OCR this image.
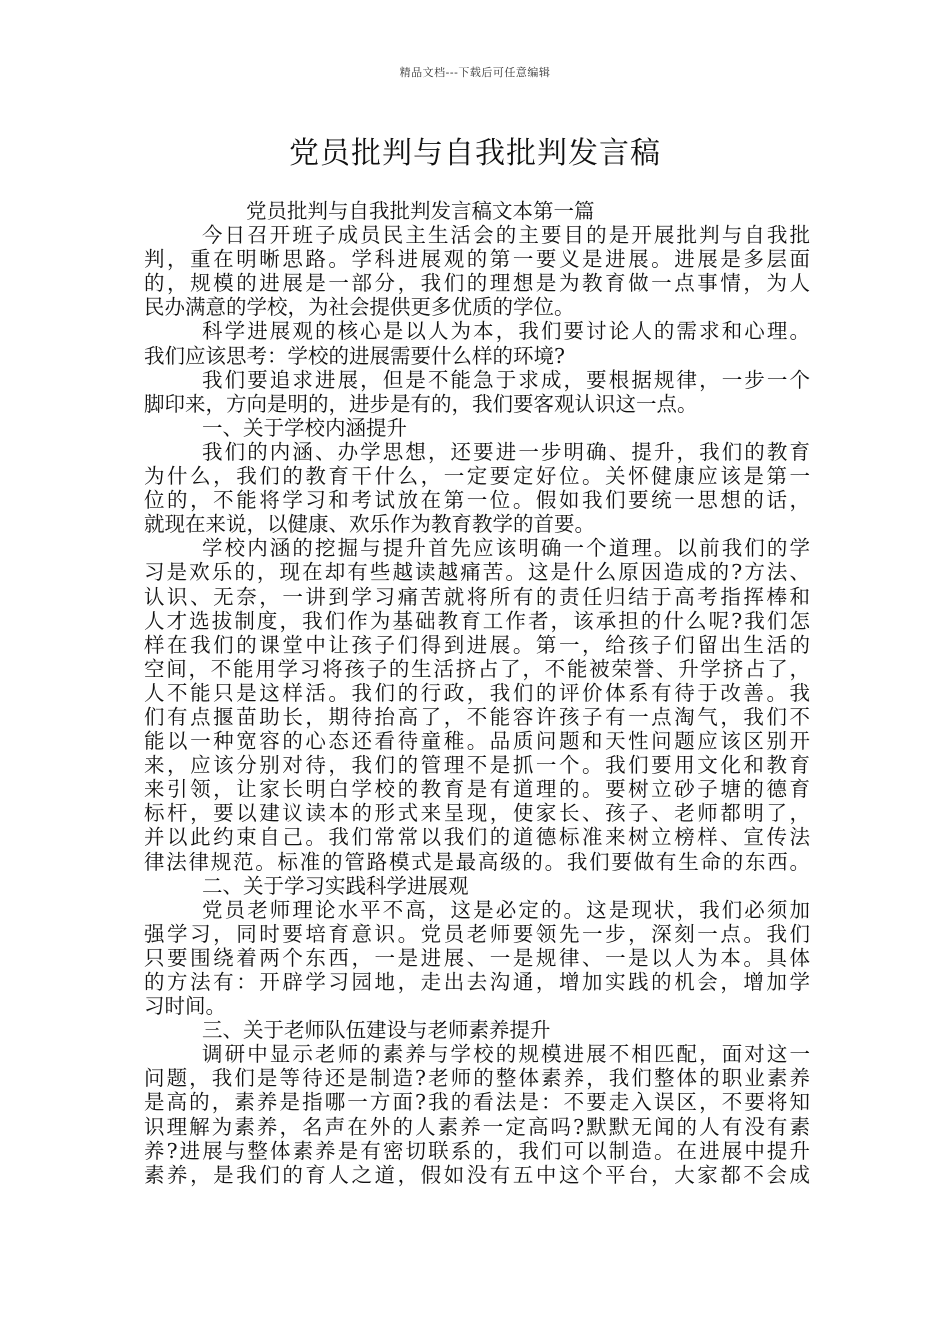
精品文档---下载后可任意编辑
党员批判与自我批判发言稿
党员批判与自我批判发言稿文本第一篇
今日召开班子成员民主生活会的主要目的是开展批判与自我批
判，重在明晰思路。学科进展观的第一要义是进展。进展是多层面
的，规模的进展是一部分，我们的理想是为教育做一点事情，为人
民办满意的学校，为社会提供更多优质的学位。
科学进展观的核心是以人为本，我们要讨论人的需求和心理。
我们应该思考：学校的进展需要什么样的环境?
我们要追求进展，但是不能急于求成，要根据规律，一步一个
脚印来，方向是明的，进步是有的，我们要客观认识这一点。
一、关于学校内涵提升
我们的内涵、办学思想，还要进一步明确、提升，我们的教育
为什么，我们的教育干什么，一定要定好位。关怀健康应该是第一
位的，不能将学习和考试放在第一位。假如我们要统一思想的话，
就现在来说，以健康、欢乐作为教育教学的首要。
学校内涵的挖掘与提升首先应该明确一个道理。以前我们的学
习是欢乐的，现在却有些越读越痛苦。这是什么原因造成的?方法、
认识、无奈，一讲到学习痛苦就将所有的责任归结于高考指挥棒和
人才选拔制度，我们作为基础教育工作者，该承担的什么呢?我们怎
样在我们的课堂中让孩子们得到进展。第一，给孩子们留出生活的
空间，不能用学习将孩子的生活挤占了，不能被荣誉、升学挤占了，
人不能只是这样活。我们的行政，我们的评价体系有待于改善。我
们有点揠苗助长，期待抬高了，不能容许孩子有一点淘气，我们不
能以一种宽容的心态还看待童稚。品质问题和天性问题应该区别开
来，应该分别对待，我们的管理不是抓一个。我们要用文化和教育
来引领，让家长明白学校的教育是有道理的。要树立砂子塘的德育
标杆，要以建议读本的形式来呈现，使家长、孩子、老师都明了，
并以此约束自己。我们常常以我们的道德标准来树立榜样、宣传法
律法律规范。标准的管路模式是最高级的。我们要做有生命的东西。
二、关于学习实践科学进展观
党员老师理论水平不高，这是必定的。这是现状，我们必须加
强学习，同时要培育意识。党员老师要领先一步，深刻一点。我们
只要围绕着两个东西，一是进展、一是规律、一是以人为本。具体
的方法有：开辟学习园地，走出去沟通，增加实践的机会，增加学
习时间。
三、关于老师队伍建设与老师素养提升
调研中显示老师的素养与学校的规模进展不相匹配，面对这一
问题，我们是等待还是制造?老师的整体素养，我们整体的职业素养
是高的，素养是指哪一方面?我的看法是：不要走入误区，不要将知
识理解为素养，名声在外的人素养一定高吗?默默无闻的人有没有素
养?进展与整体素养是有密切联系的，我们可以制造。在进展中提升
素养，是我们的育人之道，假如没有五中这个平台，大家都不会成
